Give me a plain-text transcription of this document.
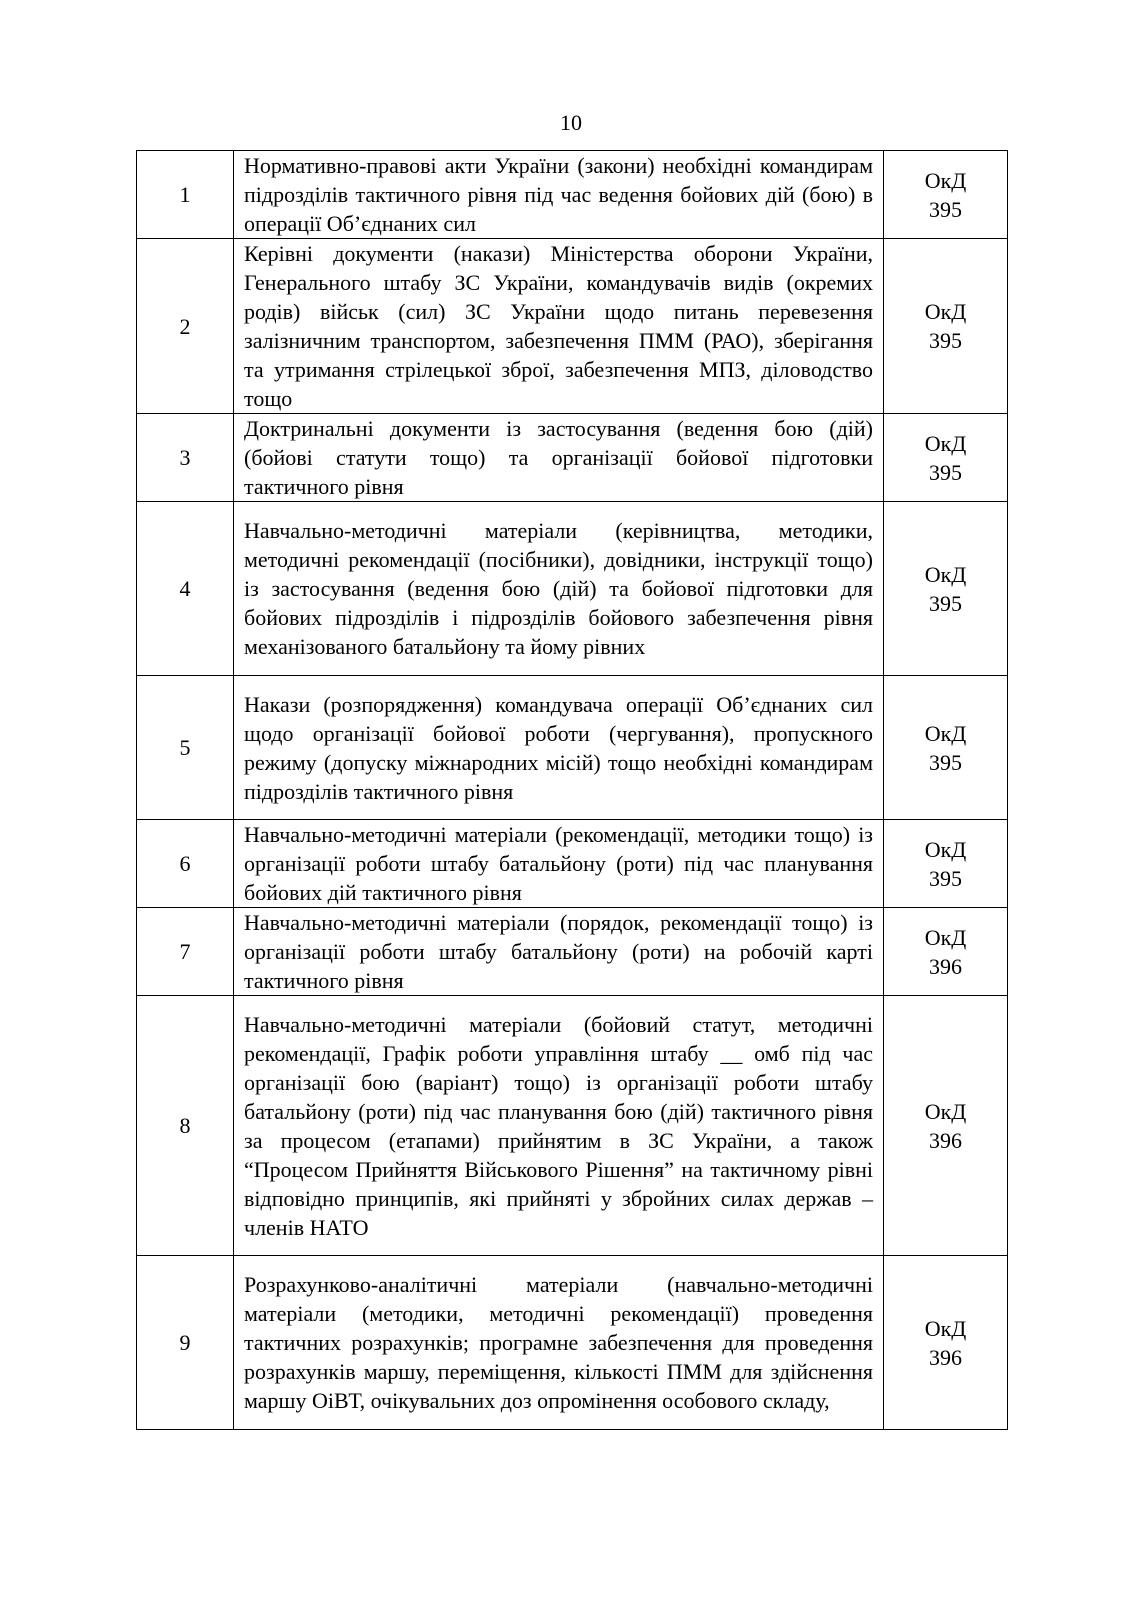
10
1	Нормативно-правові акти України (закони) необхідні командирам підрозділів тактичного рівня під час ведення бойових дій (бою) в операції Об’єднаних сил	ОкД
395

2	Керівні документи (накази) Міністерства оборони України, Генерального штабу ЗС України, командувачів видів (окремих родів) військ (сил) ЗС України щодо питань перевезення залізничним транспортом, забезпечення ПММ (РАО), зберігання та утримання стрілецької зброї, забезпечення МПЗ, діловодство тощо	ОкД
395

3	Доктринальні документи із застосування (ведення бою (дій) (бойові статути тощо) та організації бойової підготовки тактичного рівня	ОкД
395

4	Навчально-методичні матеріали (керівництва, методики, методичні рекомендації (посібники), довідники, інструкції тощо) із застосування (ведення бою (дій) та бойової підготовки для бойових підрозділів і підрозділів бойового забезпечення рівня механізованого батальйону та йому рівних	ОкД
395

5	Накази (розпорядження) командувача операції Об’єднаних сил щодо організації бойової роботи (чергування), пропускного режиму (допуску міжнародних місій) тощо необхідні командирам підрозділів тактичного рівня	ОкД
395

6	Навчально-методичні матеріали (рекомендації, методики тощо) із організації роботи штабу батальйону (роти) під час планування бойових дій тактичного рівня	ОкД
395

7	Навчально-методичні матеріали (порядок, рекомендації тощо) із організації роботи штабу батальйону (роти) на робочій карті тактичного рівня	ОкД
396

8	Навчально-методичні матеріали (бойовий статут, методичні рекомендації, Графік роботи управління штабу __ омб під час організації бою (варіант) тощо) із організації роботи штабу батальйону (роти) під час планування бою (дій) тактичного рівня за процесом (етапами) прийнятим в ЗС України, а також “Процесом Прийняття Військового Рішення” на тактичному рівні відповідно принципів, які прийняті у збройних силах держав – членів НАТО	ОкД
396

9	Розрахунково-аналітичні матеріали (навчально-методичні матеріали (методики, методичні рекомендації) проведення тактичних розрахунків; програмне забезпечення для проведення розрахунків маршу, переміщення, кількості ПММ для здійснення маршу ОіВТ, очікувальних доз опромінення особового складу,	ОкД
396
